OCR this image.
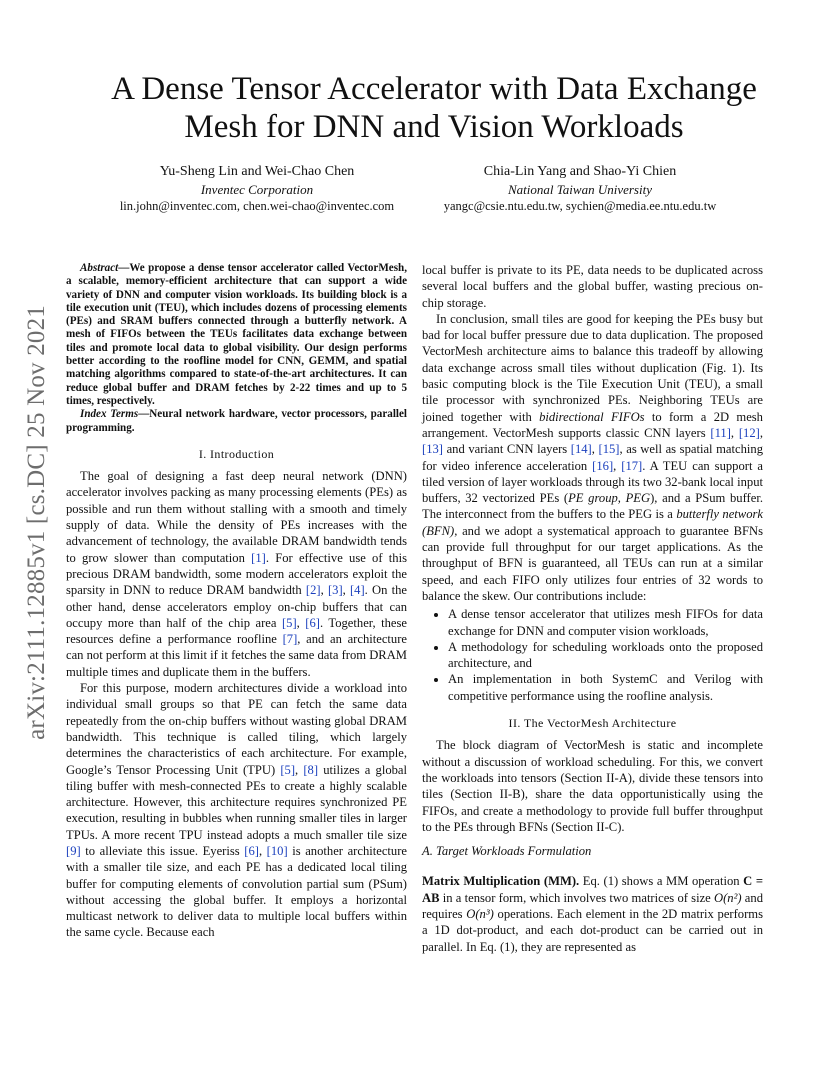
arXiv:2111.12885v1 [cs.DC] 25 Nov 2021
A Dense Tensor Accelerator with Data Exchange
Mesh for DNN and Vision Workloads
Yu-Sheng Lin and Wei-Chao Chen
Inventec Corporation
lin.john@inventec.com, chen.wei-chao@inventec.com
Chia-Lin Yang and Shao-Yi Chien
National Taiwan University
yangc@csie.ntu.edu.tw, sychien@media.ee.ntu.edu.tw

Abstract—We propose a dense tensor accelerator called VectorMesh, a scalable, memory-efficient architecture that can support a wide variety of DNN and computer vision workloads. Its building block is a tile execution unit (TEU), which includes dozens of processing elements (PEs) and SRAM buffers connected through a butterfly network. A mesh of FIFOs between the TEUs facilitates data exchange between tiles and promote local data to global visibility. Our design performs better according to the roofline model for CNN, GEMM, and spatial matching algorithms compared to state-of-the-art architectures. It can reduce global buffer and DRAM fetches by 2-22 times and up to 5 times, respectively.

Index Terms—Neural network hardware, vector processors, parallel programming.

I. Introduction

The goal of designing a fast deep neural network (DNN) accelerator involves packing as many processing elements (PEs) as possible and run them without stalling with a smooth and timely supply of data. While the density of PEs increases with the advancement of technology, the available DRAM bandwidth tends to grow slower than computation [1]. For effective use of this precious DRAM bandwidth, some modern accelerators exploit the sparsity in DNN to reduce DRAM bandwidth [2], [3], [4]. On the other hand, dense accelerators employ on-chip buffers that can occupy more than half of the chip area [5], [6]. Together, these resources define a performance roofline [7], and an architecture can not perform at this limit if it fetches the same data from DRAM multiple times and duplicate them in the buffers.

For this purpose, modern architectures divide a workload into individual small groups so that PE can fetch the same data repeatedly from the on-chip buffers without wasting global DRAM bandwidth. This technique is called tiling, which largely determines the characteristics of each architecture. For example, Google’s Tensor Processing Unit (TPU) [5], [8] utilizes a global tiling buffer with mesh-connected PEs to create a highly scalable architecture. However, this architecture requires synchronized PE execution, resulting in bubbles when running smaller tiles in larger TPUs. A more recent TPU instead adopts a much smaller tile size [9] to alleviate this issue. Eyeriss [6], [10] is another architecture with a smaller tile size, and each PE has a dedicated local tiling buffer for computing elements of convolution partial sum (PSum) without accessing the global buffer. It employs a horizontal multicast network to deliver data to multiple local buffers within the same cycle. Because each

local buffer is private to its PE, data needs to be duplicated across several local buffers and the global buffer, wasting precious on-chip storage.

In conclusion, small tiles are good for keeping the PEs busy but bad for local buffer pressure due to data duplication. The proposed VectorMesh architecture aims to balance this tradeoff by allowing data exchange across small tiles without duplication (Fig. 1). Its basic computing block is the Tile Execution Unit (TEU), a small tile processor with synchronized PEs. Neighboring TEUs are joined together with bidirectional FIFOs to form a 2D mesh arrangement. VectorMesh supports classic CNN layers [11], [12], [13] and variant CNN layers [14], [15], as well as spatial matching for video inference acceleration [16], [17]. A TEU can support a tiled version of layer workloads through its two 32-bank local input buffers, 32 vectorized PEs (PE group, PEG), and a PSum buffer. The interconnect from the buffers to the PEG is a butterfly network (BFN), and we adopt a systematical approach to guarantee BFNs can provide full throughput for our target applications. As the throughput of BFN is guaranteed, all TEUs can run at a similar speed, and each FIFO only utilizes four entries of 32 words to balance the skew. Our contributions include:

• A dense tensor accelerator that utilizes mesh FIFOs for data exchange for DNN and computer vision workloads,
• A methodology for scheduling workloads onto the proposed architecture, and
• An implementation in both SystemC and Verilog with competitive performance using the roofline analysis.
II. The VectorMesh Architecture

The block diagram of VectorMesh is static and incomplete without a discussion of workload scheduling. For this, we convert the workloads into tensors (Section II-A), divide these tensors into tiles (Section II-B), share the data opportunistically using the FIFOs, and create a methodology to provide full buffer throughput to the PEs through BFNs (Section II-C).

A. Target Workloads Formulation

Matrix Multiplication (MM). Eq. (1) shows a MM operation C = AB in a tensor form, which involves two matrices of size O(n²) and requires O(n³) operations. Each element in the 2D matrix performs a 1D dot-product, and each dot-product can be carried out in parallel. In Eq. (1), they are represented as
